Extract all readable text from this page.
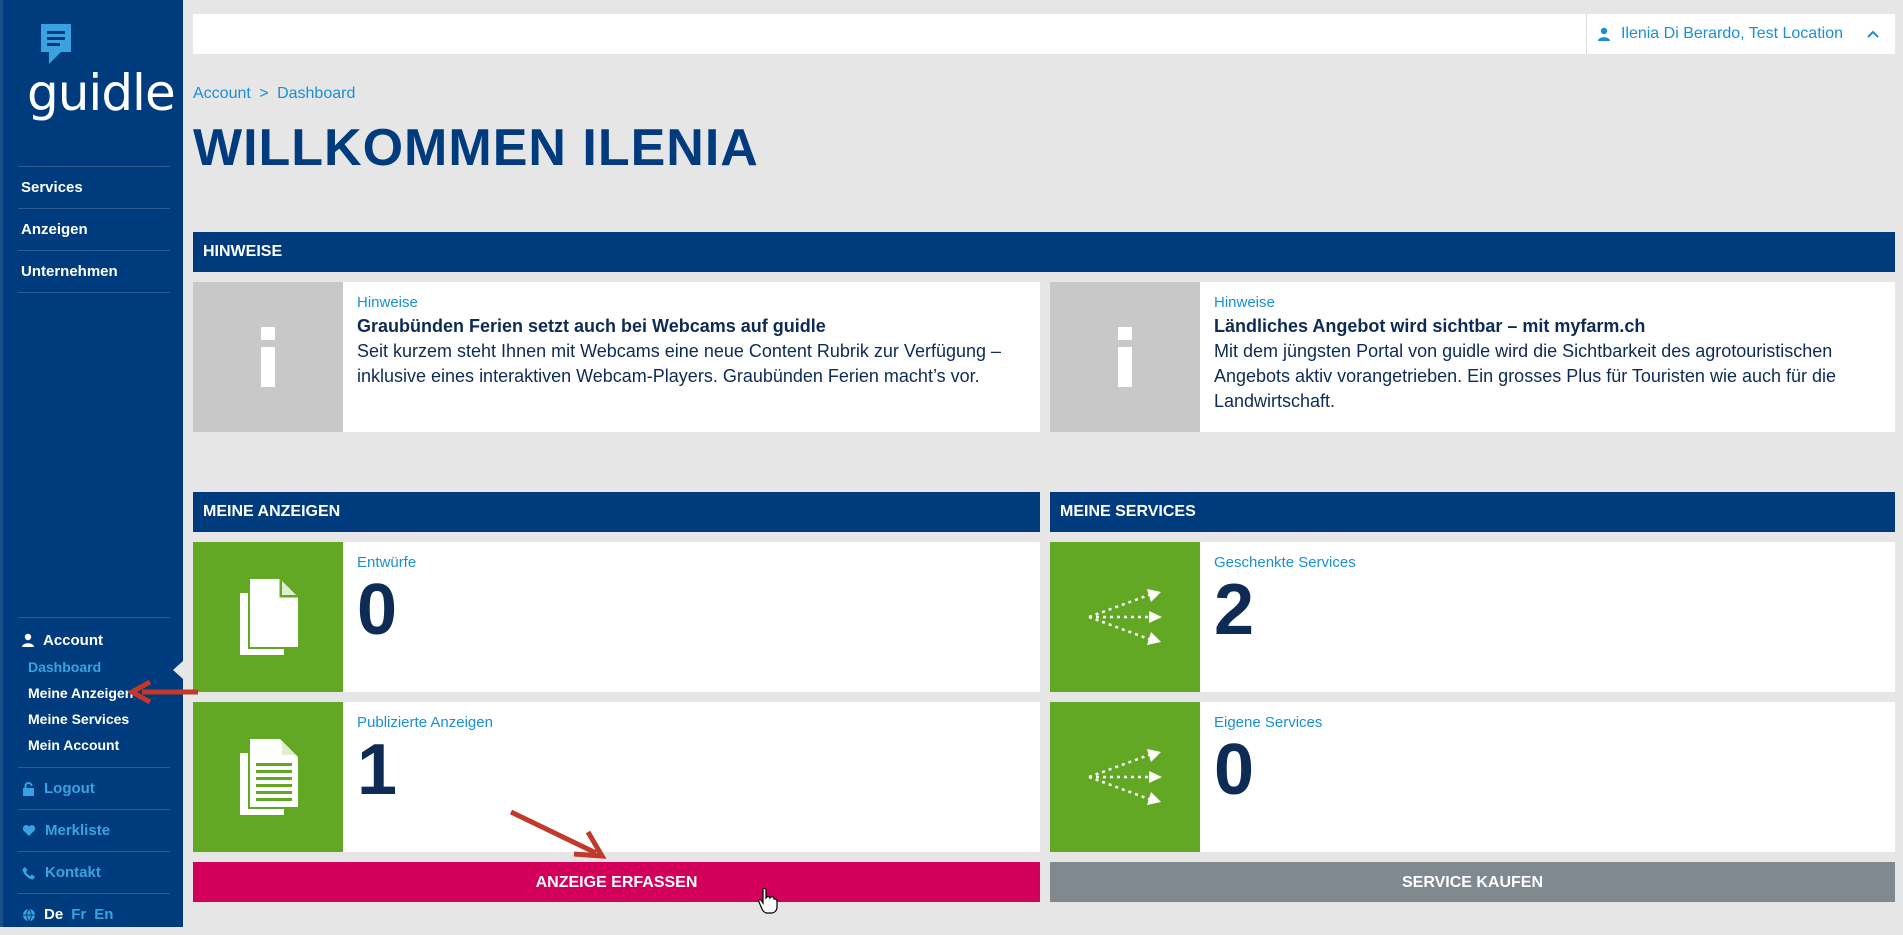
guidle
Services
Anzeigen
Unternehmen
Account
Dashboard
Meine Anzeigen
Meine Services
Mein Account
Logout
Merkliste
Kontakt
De Fr En
Ilenia Di Berardo, Test Location
Account > Dashboard
WILLKOMMEN ILENIA
HINWEISE
Hinweise
Graubünden Ferien setzt auch bei Webcams auf guidle
Seit kurzem steht Ihnen mit Webcams eine neue Content Rubrik zur Verfügung – inklusive eines interaktiven Webcam-Players. Graubünden Ferien macht’s vor.
Hinweise
Ländliches Angebot wird sichtbar – mit myfarm.ch
Mit dem jüngsten Portal von guidle wird die Sichtbarkeit des agrotouristischen Angebots aktiv vorangetrieben. Ein grosses Plus für Touristen wie auch für die Landwirtschaft.
MEINE ANZEIGEN
Entwürfe
0
Publizierte Anzeigen
1
ANZEIGE ERFASSEN
MEINE SERVICES
Geschenkte Services
2
Eigene Services
0
SERVICE KAUFEN
